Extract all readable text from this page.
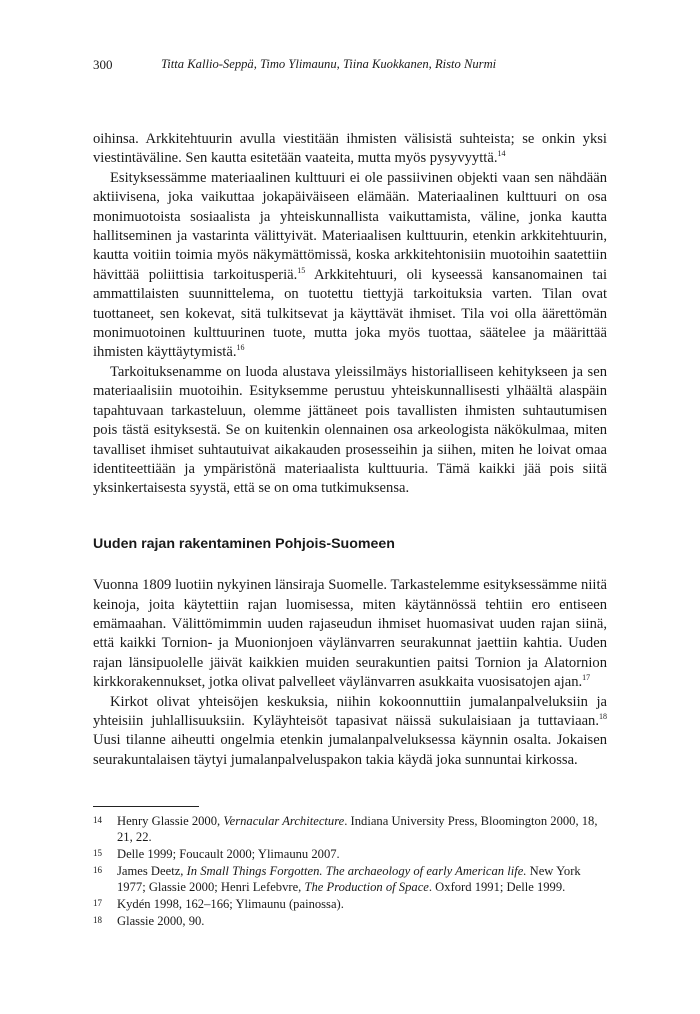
300	Titta Kallio-Seppä, Timo Ylimaunu, Tiina Kuokkanen, Risto Nurmi

oihinsa. Arkkitehtuurin avulla viestitään ihmisten välisistä suhteista; se onkin yksi viestintäväline. Sen kautta esitetään vaateita, mutta myös pysyvyyttä.$^{14}$

Esityksessämme materiaalinen kulttuuri ei ole passiivinen objekti vaan sen nähdään aktiivisena, joka vaikuttaa jokapäiväiseen elämään. Materiaalinen kulttuuri on osa monimuotoista sosiaalista ja yhteiskunnallista vaikuttamista, väline, jonka kautta hallitseminen ja vastarinta välittyivät. Materiaalisen kulttuurin, etenkin arkkitehtuurin, kautta voitiin toimia myös näkymättömissä, koska arkkitehtonisiin muotoihin saatettiin hävittää poliittisia tarkoitusperiä.$^{15}$ Arkkitehtuuri, oli kyseessä kansanomainen tai ammattilaisten suunnittelema, on tuotettu tiettyjä tarkoituksia varten. Tilan ovat tuottaneet, sen kokevat, sitä tulkitsevat ja käyttävät ihmiset. Tila voi olla äärettömän monimuotoinen kulttuurinen tuote, mutta joka myös tuottaa, säätelee ja määrittää ihmisten käyttäytymistä.$^{16}$

Tarkoituksenamme on luoda alustava yleissilmäys historialliseen kehitykseen ja sen materiaalisiin muotoihin. Esityksemme perustuu yhteiskunnallisesti ylhäältä alaspäin tapahtuvaan tarkasteluun, olemme jättäneet pois tavallisten ihmisten suhtautumisen pois tästä esityksestä. Se on kuitenkin olennainen osa arkeologista näkökulmaa, miten tavalliset ihmiset suhtautuivat aikakauden prosesseihin ja siihen, miten he loivat omaa identiteettiään ja ympäristönä materiaalista kulttuuria. Tämä kaikki jää pois siitä yksinkertaisesta syystä, että se on oma tutkimuksensa.

Uuden rajan rakentaminen Pohjois-Suomeen

Vuonna 1809 luotiin nykyinen länsiraja Suomelle. Tarkastelemme esityksessämme niitä keinoja, joita käytettiin rajan luomisessa, miten käytännössä tehtiin ero entiseen emämaahan. Välittömimmin uuden rajaseudun ihmiset huomasivat uuden rajan siinä, että kaikki Tornion- ja Muonionjoen väylänvarren seurakunnat jaettiin kahtia. Uuden rajan länsipuolelle jäivät kaikkien muiden seurakuntien paitsi Tornion ja Alatornion kirkkorakennukset, jotka olivat palvelleet väylänvarren asukkaita vuosisatojen ajan.$^{17}$

Kirkot olivat yhteisöjen keskuksia, niihin kokoonnuttiin jumalanpalveluksiin ja yhteisiin juhlallisuuksiin. Kyläyhteisöt tapasivat näissä sukulaisiaan ja tuttaviaan.$^{18}$ Uusi tilanne aiheutti ongelmia etenkin jumalanpalveluksessa käynnin osalta. Jokaisen seurakuntalaisen täytyi jumalanpalveluspakon takia käydä joka sunnuntai kirkossa.

14	Henry Glassie 2000, Vernacular Architecture. Indiana University Press, Bloomington 2000, 18, 21, 22.
15	Delle 1999; Foucault 2000; Ylimaunu 2007.
16	James Deetz, In Small Things Forgotten. The archaeology of early American life. New York 1977; Glassie 2000; Henri Lefebvre, The Production of Space. Oxford 1991; Delle 1999.
17	Kydén 1998, 162–166; Ylimaunu (painossa).
18	Glassie 2000, 90.
